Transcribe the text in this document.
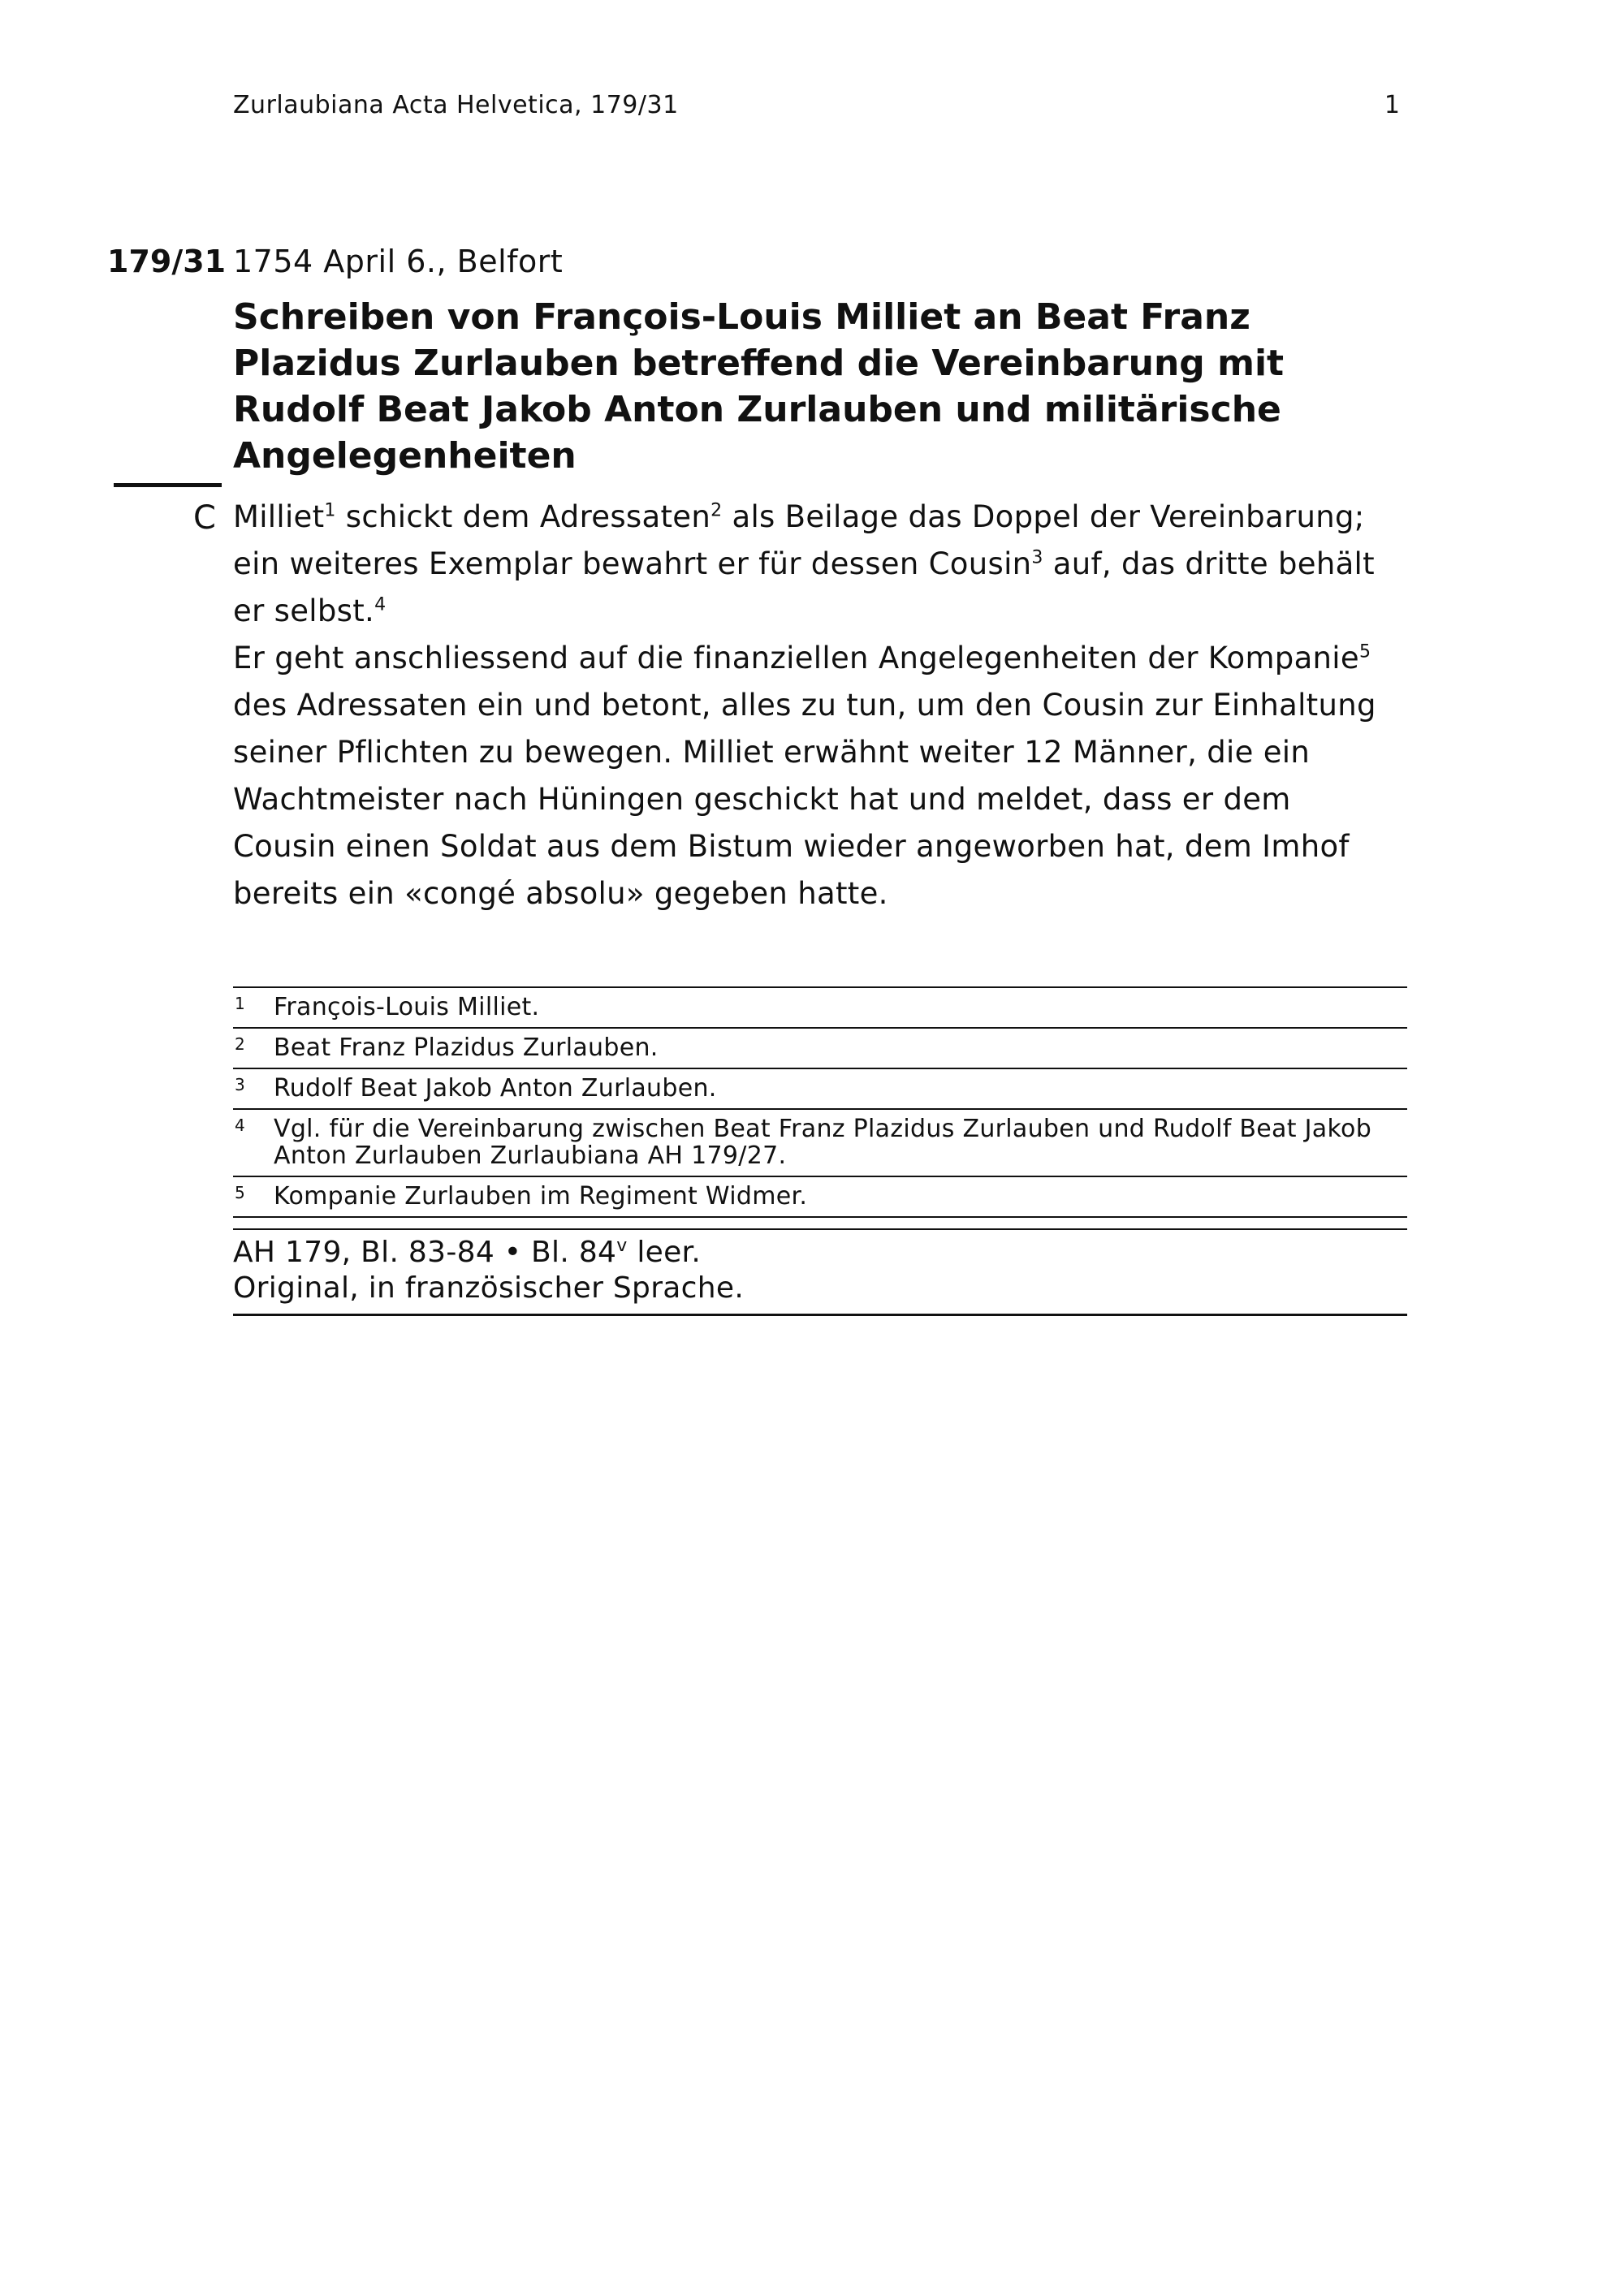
Zurlaubiana Acta Helvetica, 179/31	1
179/31 1754 April 6., Belfort
Schreiben von François-Louis Milliet an Beat Franz Plazidus Zurlauben betreffend die Vereinbarung mit Rudolf Beat Jakob Anton Zurlauben und militärische Angelegenheiten
C Milliet$^1$ schickt dem Adressaten$^2$ als Beilage das Doppel der Vereinbarung; ein weiteres Exemplar bewahrt er für dessen Cousin$^3$ auf, das dritte behält er selbst.$^4$

Er geht anschliessend auf die finanziellen Angelegenheiten der Kompanie$^5$ des Adressaten ein und betont, alles zu tun, um den Cousin zur Einhaltung seiner Pflichten zu bewegen. Milliet erwähnt weiter 12 Männer, die ein Wachtmeister nach Hüningen geschickt hat und meldet, dass er dem Cousin einen Soldat aus dem Bistum wieder angeworben hat, dem Imhof bereits ein «congé absolu» gegeben hatte.

1 François-Louis Milliet.
2 Beat Franz Plazidus Zurlauben.
3 Rudolf Beat Jakob Anton Zurlauben.
4 Vgl. für die Vereinbarung zwischen Beat Franz Plazidus Zurlauben und Rudolf Beat Jakob Anton Zurlauben Zurlaubiana AH 179/27.
5 Kompanie Zurlauben im Regiment Widmer.
AH 179, Bl. 83-84 • Bl. 84$^v$ leer.
Original, in französischer Sprache.
